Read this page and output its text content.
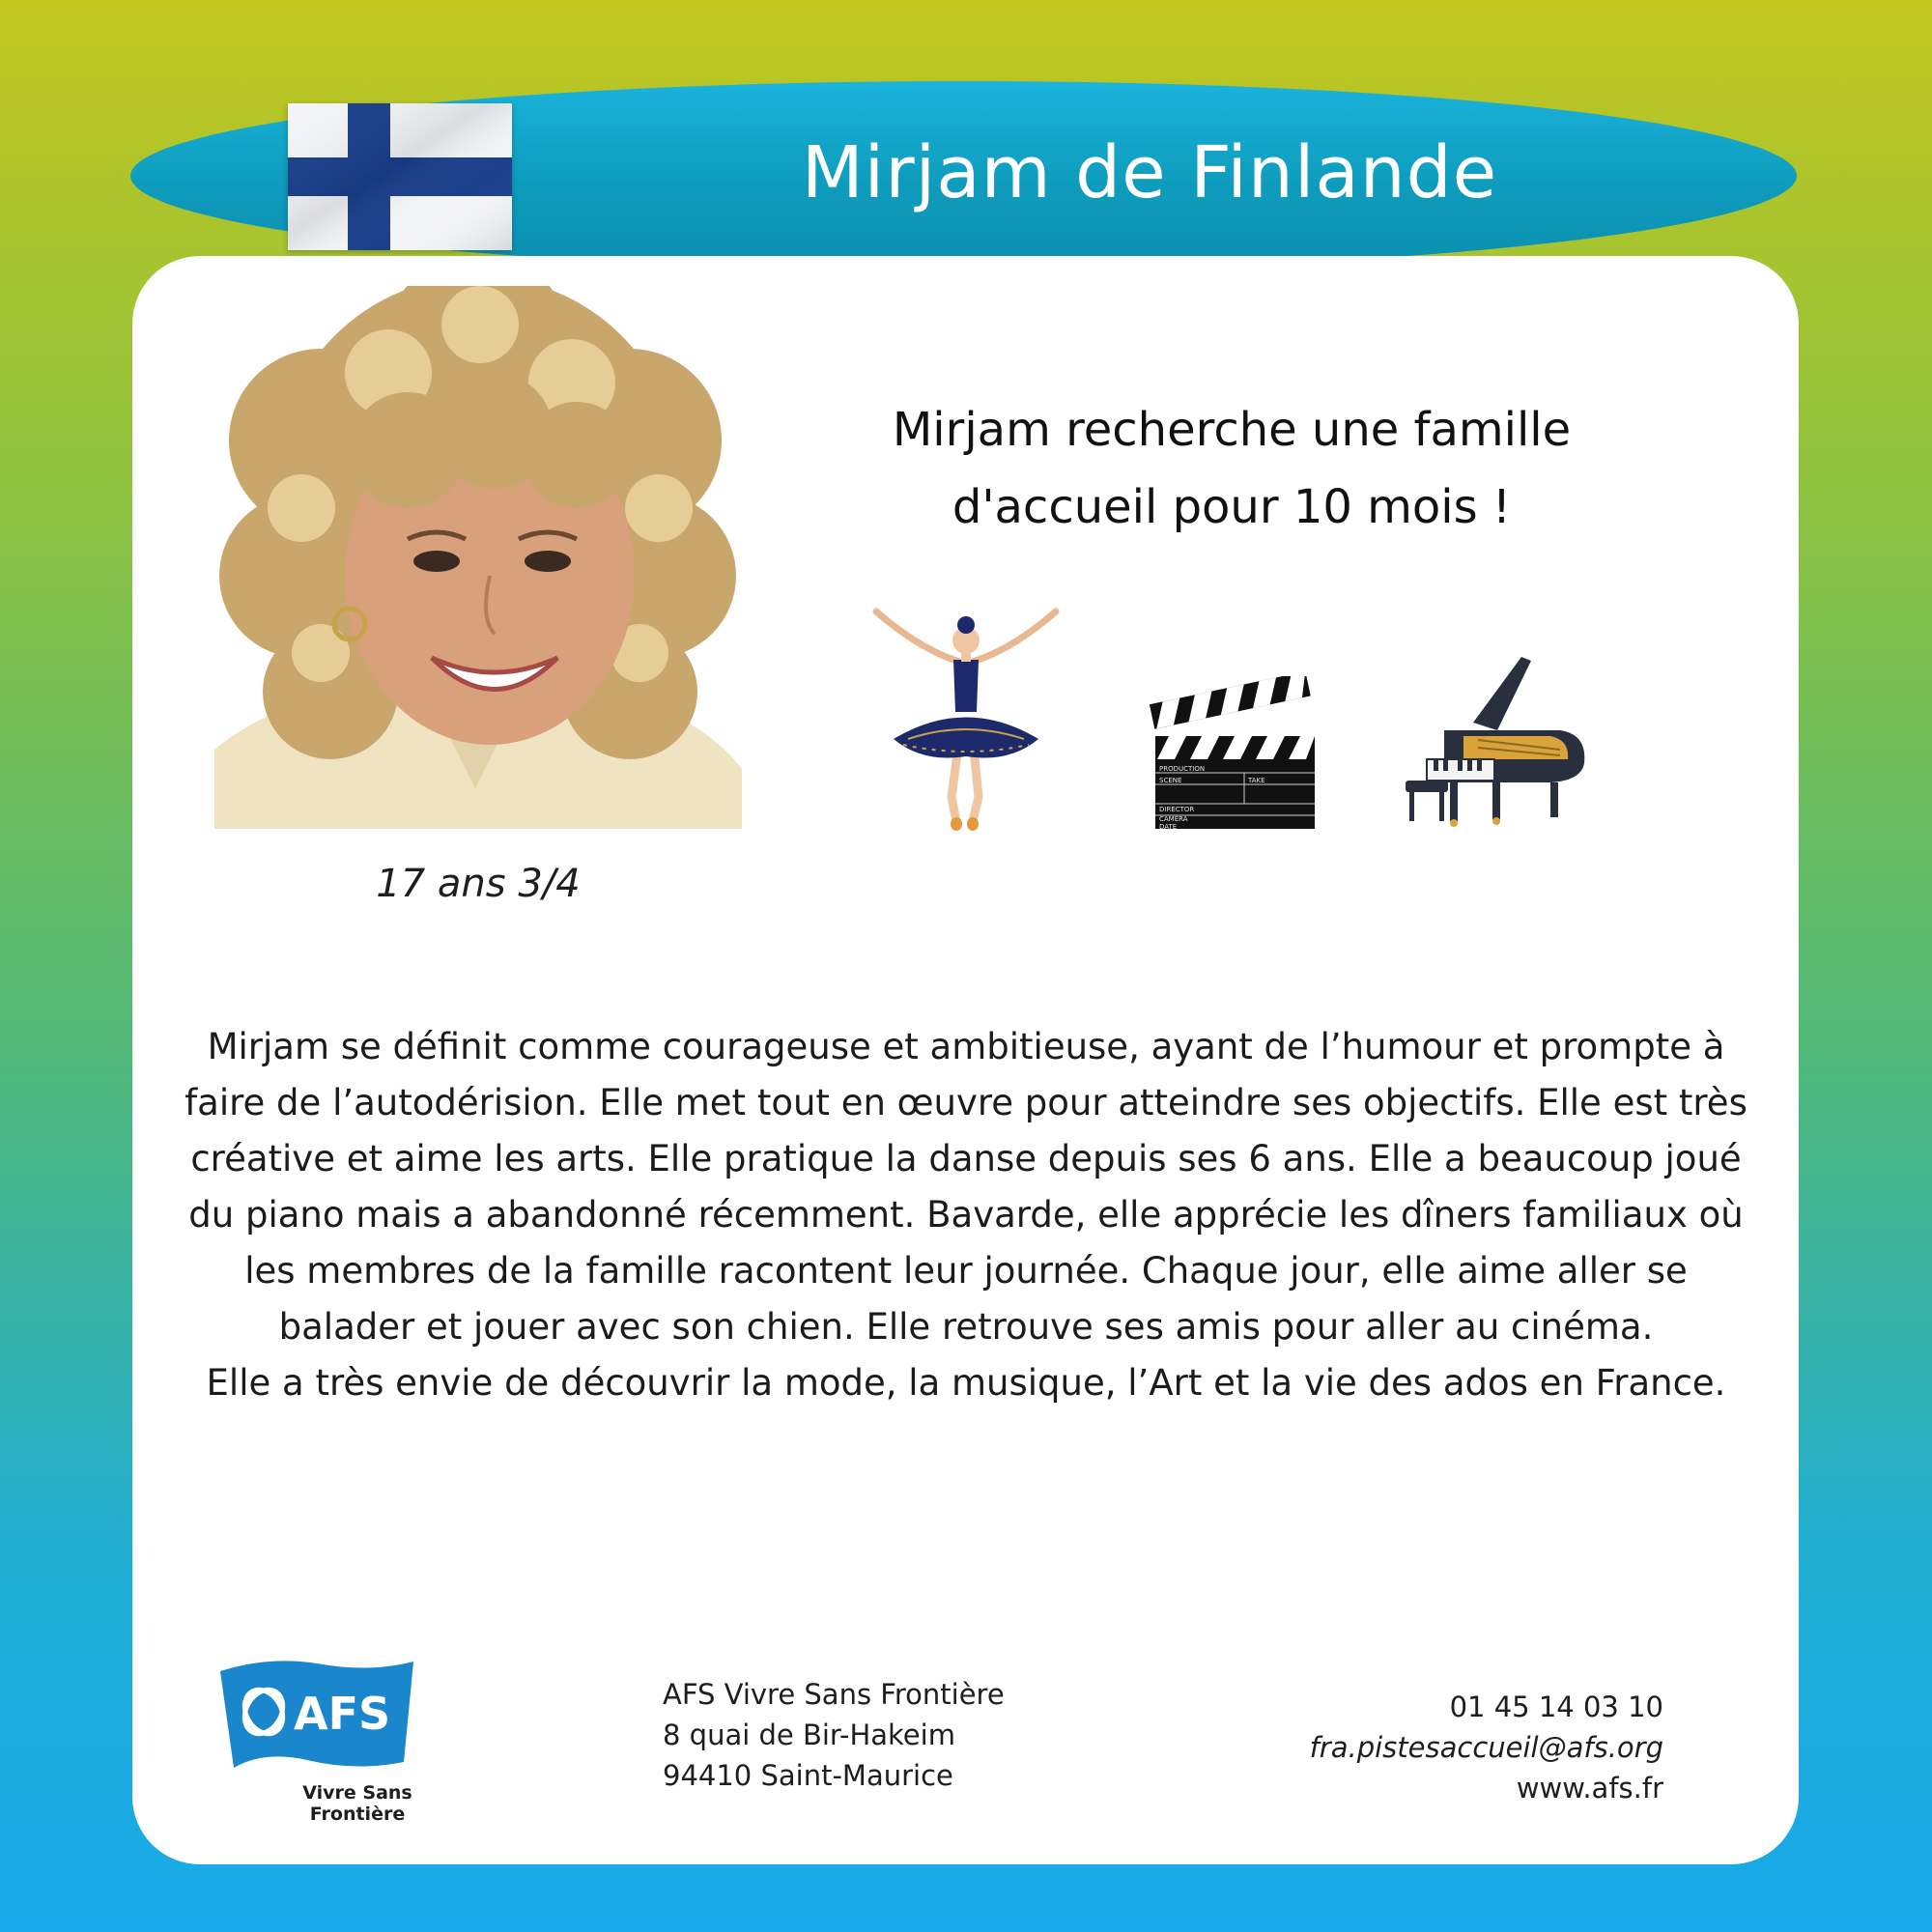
Mirjam de Finlande
17 ans 3/4
Mirjam recherche une famille
d'accueil pour 10 mois !
PRODUCTION
SCENE	TAKE
DIRECTOR
CAMERA
DATE

Mirjam se définit comme courageuse et ambitieuse, ayant de l’humour et prompte à faire de l’autodérision. Elle met tout en œuvre pour atteindre ses objectifs. Elle est très créative et aime les arts. Elle pratique la danse depuis ses 6 ans. Elle a beaucoup joué du piano mais a abandonné récemment. Bavarde, elle apprécie les dîners familiaux où les membres de la famille racontent leur journée. Chaque jour, elle aime aller se balader et jouer avec son chien. Elle retrouve ses amis pour aller au cinéma.

Elle a très envie de découvrir la mode, la musique, l’Art et la vie des ados en France.

AFS
Vivre Sans
Frontière
AFS Vivre Sans Frontière
8 quai de Bir-Hakeim
94410 Saint-Maurice
01 45 14 03 10
fra.pistesaccueil@afs.org
www.afs.fr
